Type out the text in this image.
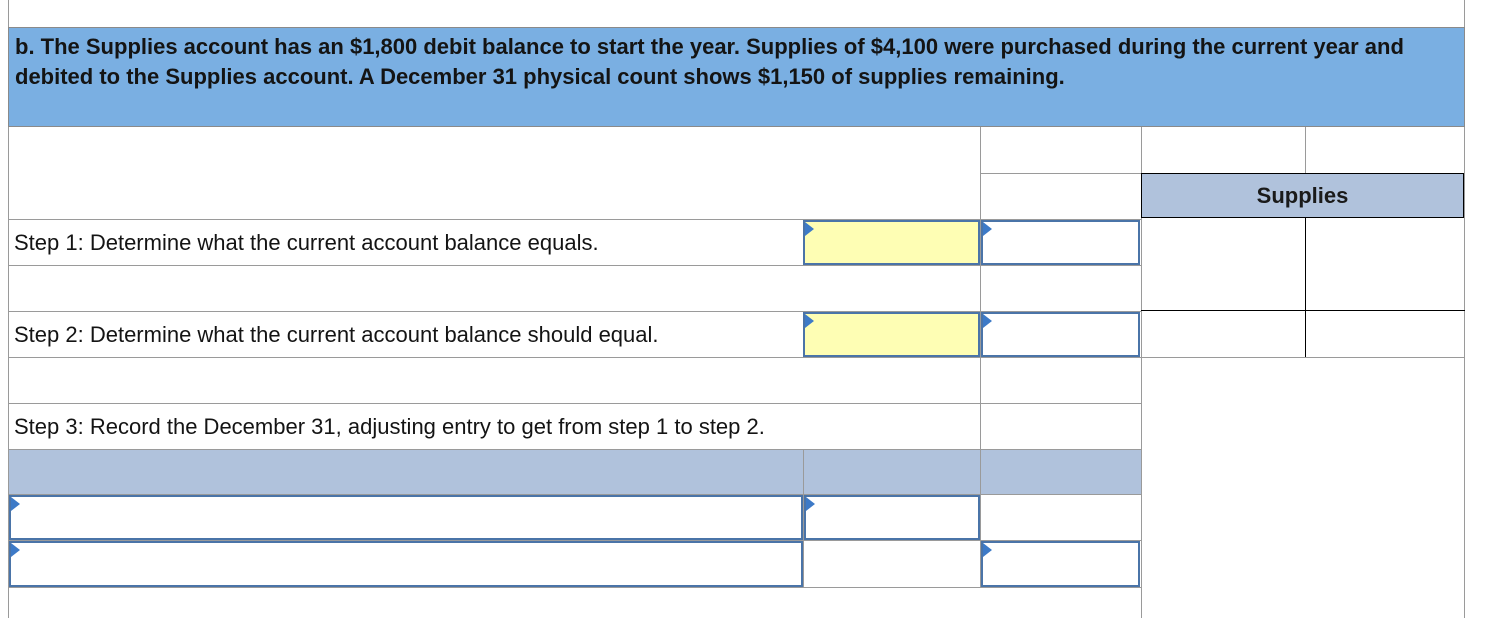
b. The Supplies account has an $1,800 debit balance to start the year. Supplies of $4,100 were purchased during the current year and debited to the Supplies account. A December 31 physical count shows $1,150 of supplies remaining.
Supplies
Step 1: Determine what the current account balance equals.
Step 2: Determine what the current account balance should equal.
Step 3: Record the December 31, adjusting entry to get from step 1 to step 2.
